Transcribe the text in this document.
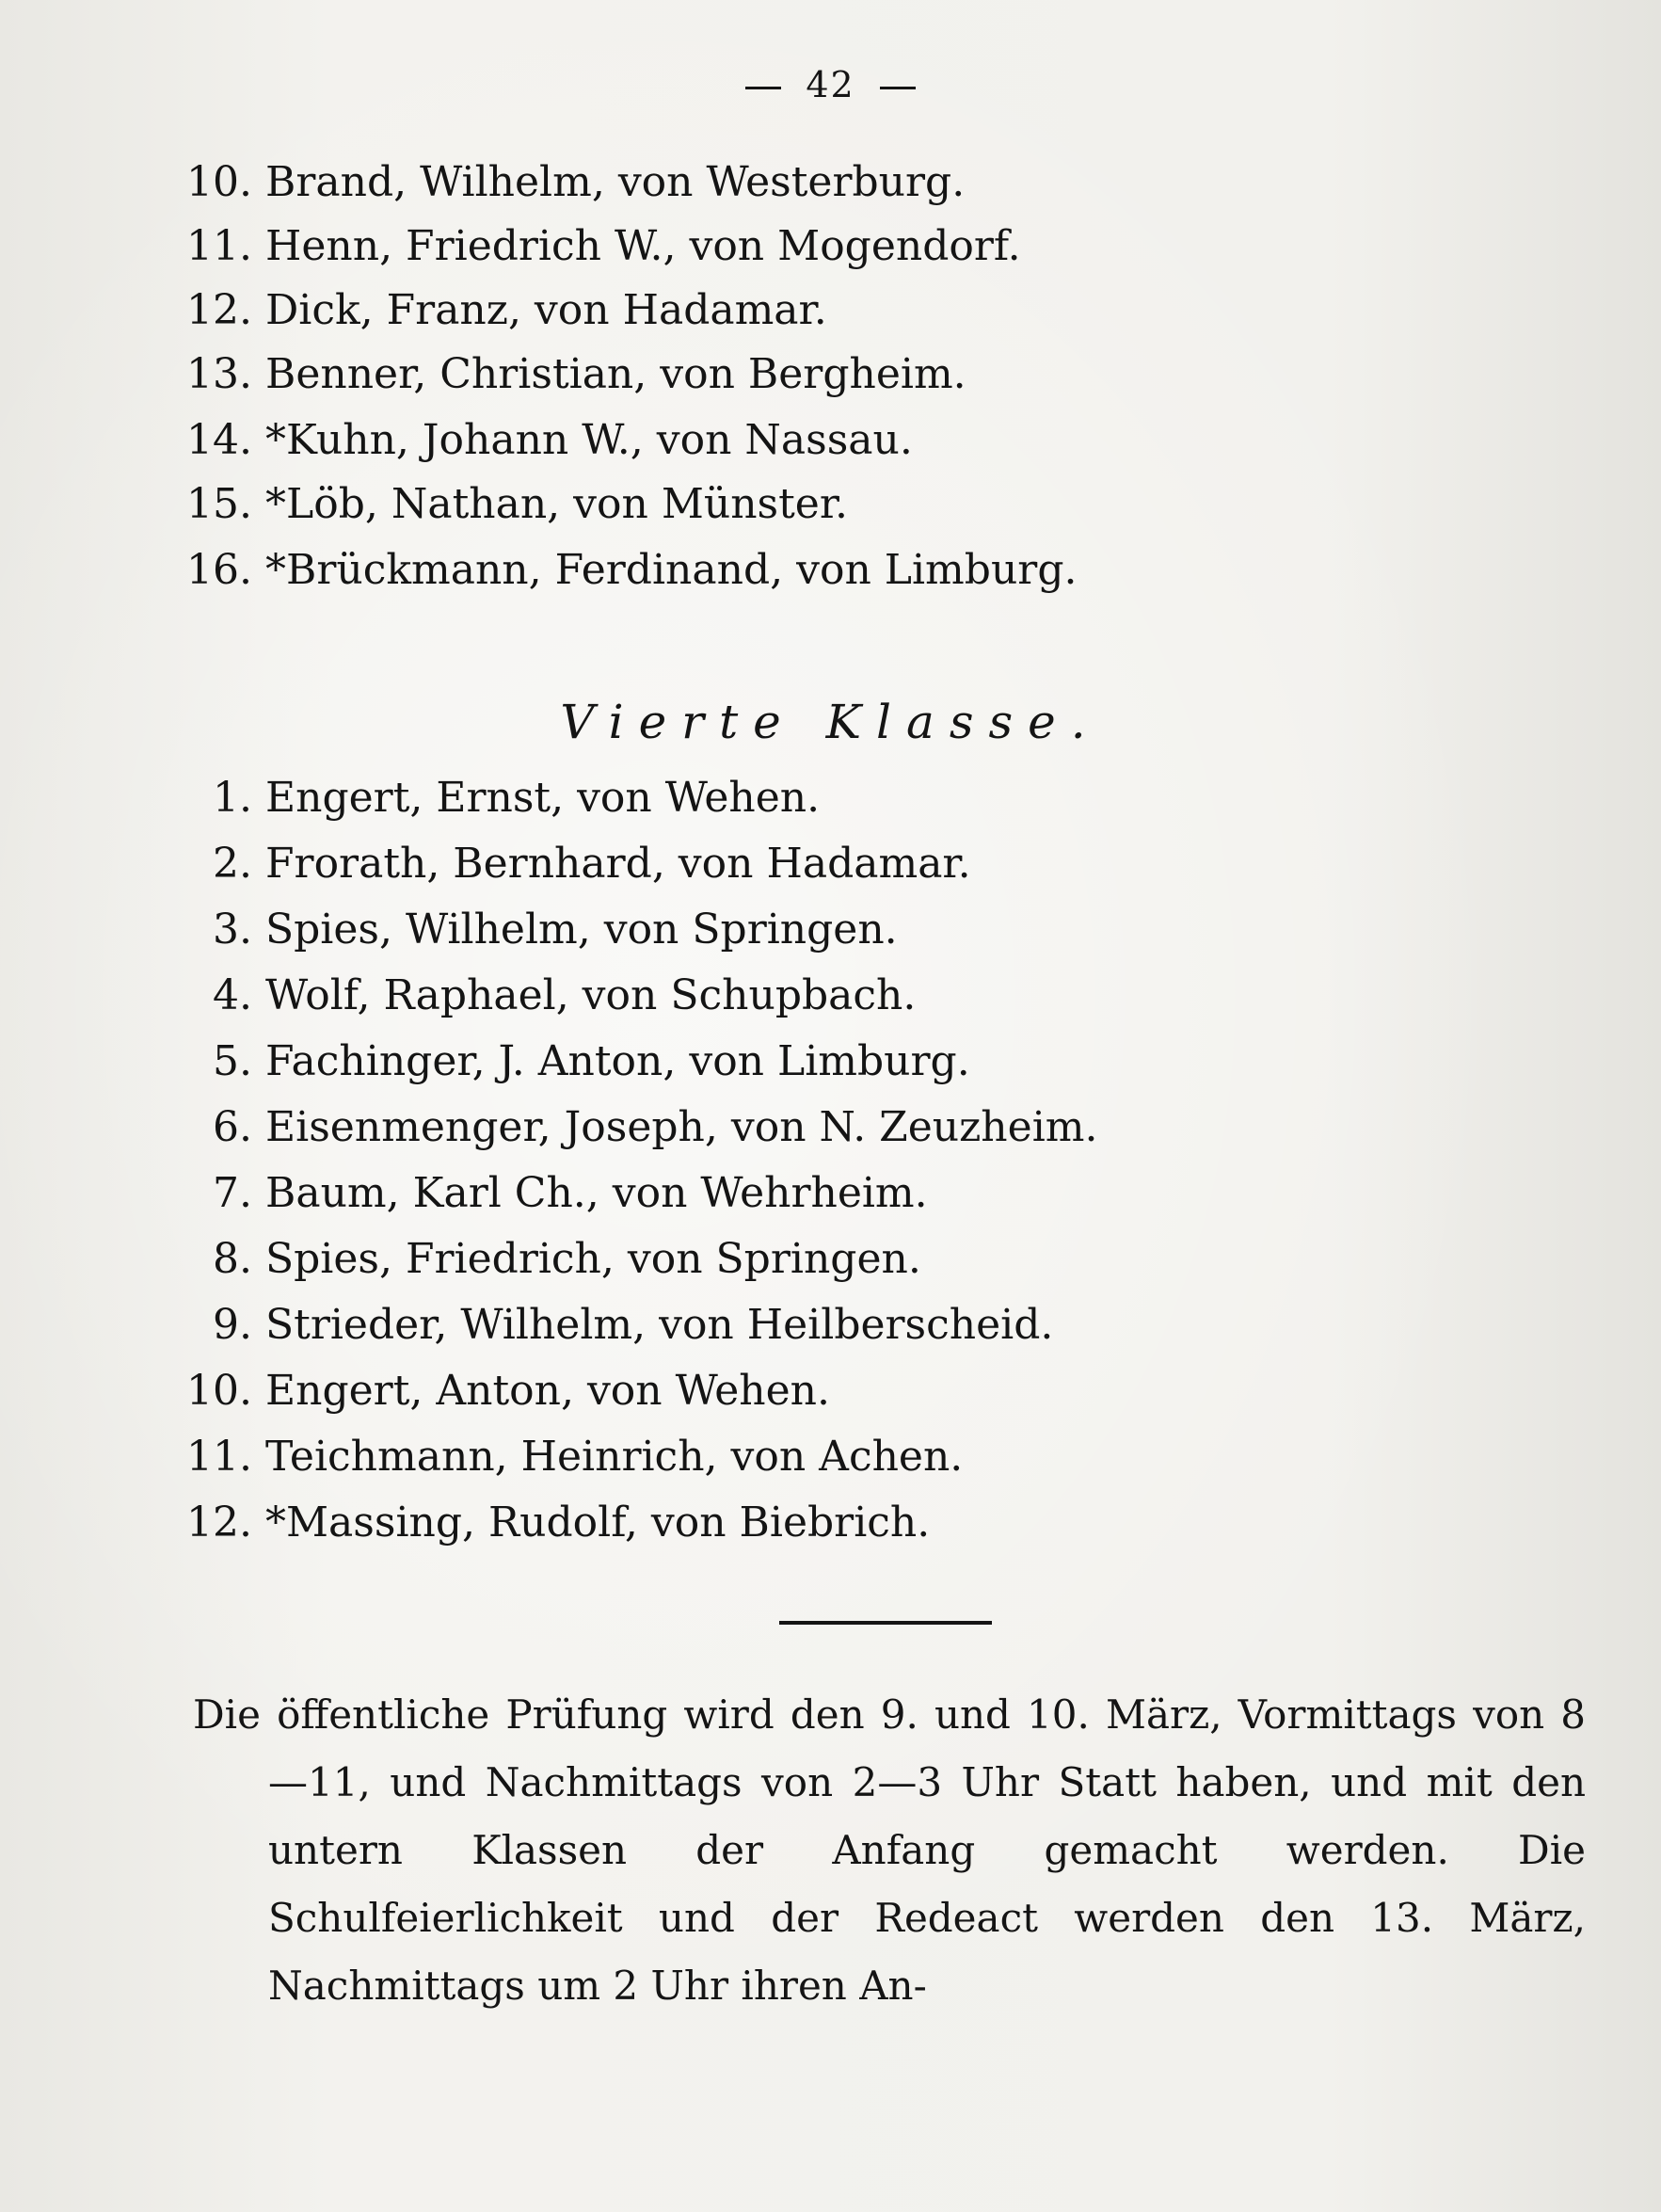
42
10. Brand, Wilhelm, von Westerburg.
11. Henn, Friedrich W., von Mogendorf.
12. Dick, Franz, von Hadamar.
13. Benner, Christian, von Bergheim.
14. *Kuhn, Johann W., von Nassau.
15. *Löb, Nathan, von Münster.
16. *Brückmann, Ferdinand, von Limburg.
Vierte Klasse.
1. Engert, Ernst, von Wehen.
2. Frorath, Bernhard, von Hadamar.
3. Spies, Wilhelm, von Springen.
4. Wolf, Raphael, von Schupbach.
5. Fachinger, J. Anton, von Limburg.
6. Eisenmenger, Joseph, von N. Zeuzheim.
7. Baum, Karl Ch., von Wehrheim.
8. Spies, Friedrich, von Springen.
9. Strieder, Wilhelm, von Heilberscheid.
10. Engert, Anton, von Wehen.
11. Teichmann, Heinrich, von Achen.
12. *Massing, Rudolf, von Biebrich.

Die öffentliche Prüfung wird den 9. und 10. März, Vormittags von 8 —11, und Nachmittags von 2—3 Uhr Statt haben, und mit den untern Klassen der Anfang gemacht werden. Die Schulfeierlichkeit und der Redeact werden den 13. März, Nachmittags um 2 Uhr ihren An-
